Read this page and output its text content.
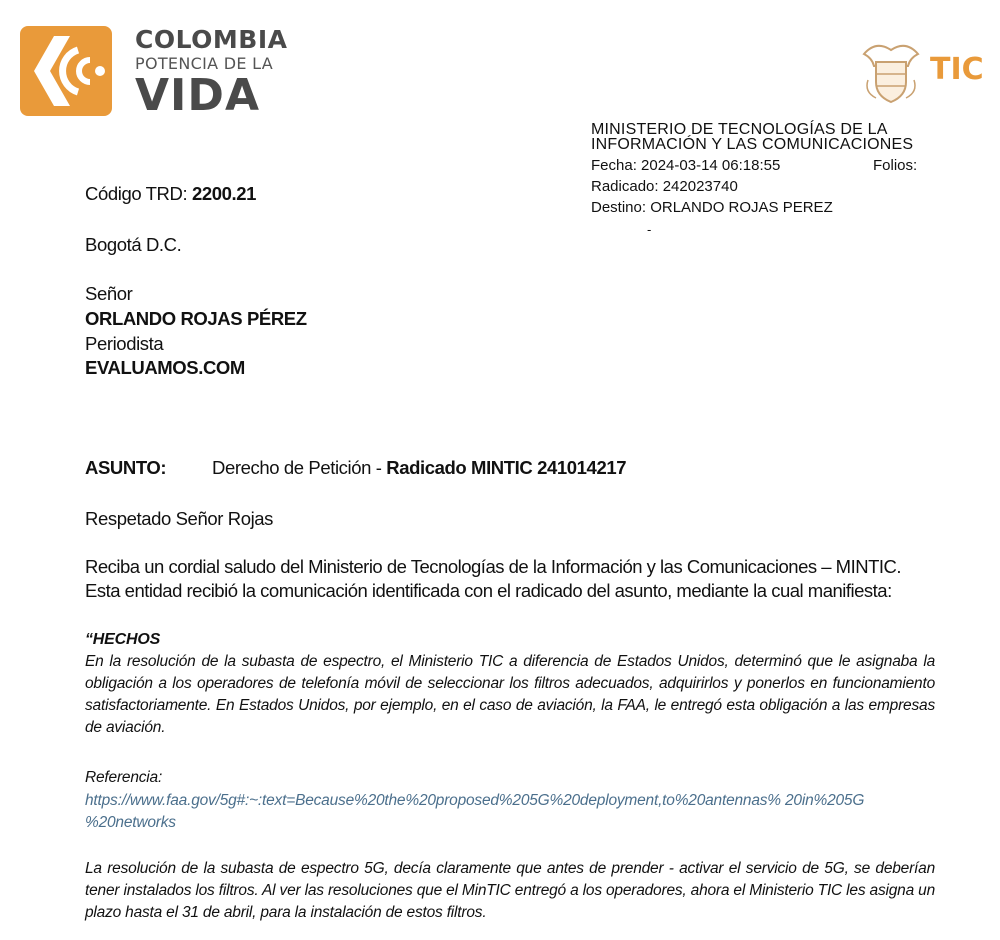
COLOMBIA
POTENCIA DE LA
VIDA
TIC
MINISTERIO DE TECNOLOGÍAS DE LA
INFORMACIÓN Y LAS COMUNICACIONES
Fecha: 2024-03-14 06:18:55	Folios:
Radicado: 242023740
Destino: ORLANDO ROJAS PEREZ
-
Código TRD: 2200.21
Bogotá D.C.
Señor
ORLANDO ROJAS PÉREZ
Periodista
EVALUAMOS.COM
ASUNTO: Derecho de Petición - Radicado MINTIC 241014217
Respetado Señor Rojas
Reciba un cordial saludo del Ministerio de Tecnologías de la Información y las Comunicaciones – MINTIC. Esta entidad recibió la comunicación identificada con el radicado del asunto, mediante la cual manifiesta:
“HECHOS
En la resolución de la subasta de espectro, el Ministerio TIC a diferencia de Estados Unidos, determinó que le asignaba la obligación a los operadores de telefonía móvil de seleccionar los filtros adecuados, adquirirlos y ponerlos en funcionamiento satisfactoriamente. En Estados Unidos, por ejemplo, en el caso de aviación, la FAA, le entregó esta obligación a las empresas de aviación.
Referencia:
https://www.faa.gov/5g#:~:text=Because%20the%20proposed%205G%20deployment,to%20antennas% 20in%205G
%20networks
La resolución de la subasta de espectro 5G, decía claramente que antes de prender - activar el servicio de 5G, se deberían tener instalados los filtros. Al ver las resoluciones que el MinTIC entregó a los operadores, ahora el Ministerio TIC les asigna un plazo hasta el 31 de abril, para la instalación de estos filtros.
